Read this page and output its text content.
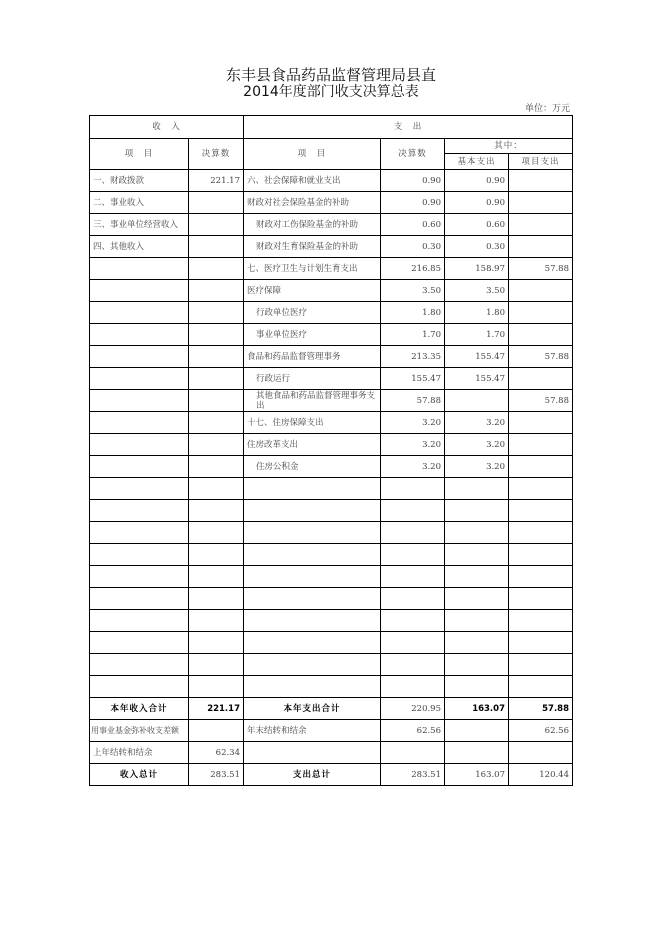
东丰县食品药品监督管理局县直
2014年度部门收支决算总表
单位：万元
收　入		支　出			
项　目	决算数	项　目	决算数	其中：	
				基本支出	项目支出
一、财政拨款	221.17	六、社会保障和就业支出	0.90	0.90	
二、事业收入		财政对社会保险基金的补助	0.90	0.90	
三、事业单位经营收入		财政对工伤保险基金的补助	0.60	0.60	
四、其他收入		财政对生育保险基金的补助	0.30	0.30	
		七、医疗卫生与计划生育支出	216.85	158.97	57.88
		医疗保障	3.50	3.50	
		行政单位医疗	1.80	1.80	
		事业单位医疗	1.70	1.70	
		食品和药品监督管理事务	213.35	155.47	57.88
		行政运行	155.47	155.47	
		其他食品和药品监督管理事务支出	57.88		57.88
		十七、住房保障支出	3.20	3.20	
		住房改革支出	3.20	3.20	
		住房公积金	3.20	3.20	

本年收入合计	221.17	本年支出合计	220.95	163.07	57.88
用事业基金弥补收支差额		年末结转和结余	62.56		62.56
上年结转和结余	62.34				
收入总计	283.51	支出总计	283.51	163.07	120.44
